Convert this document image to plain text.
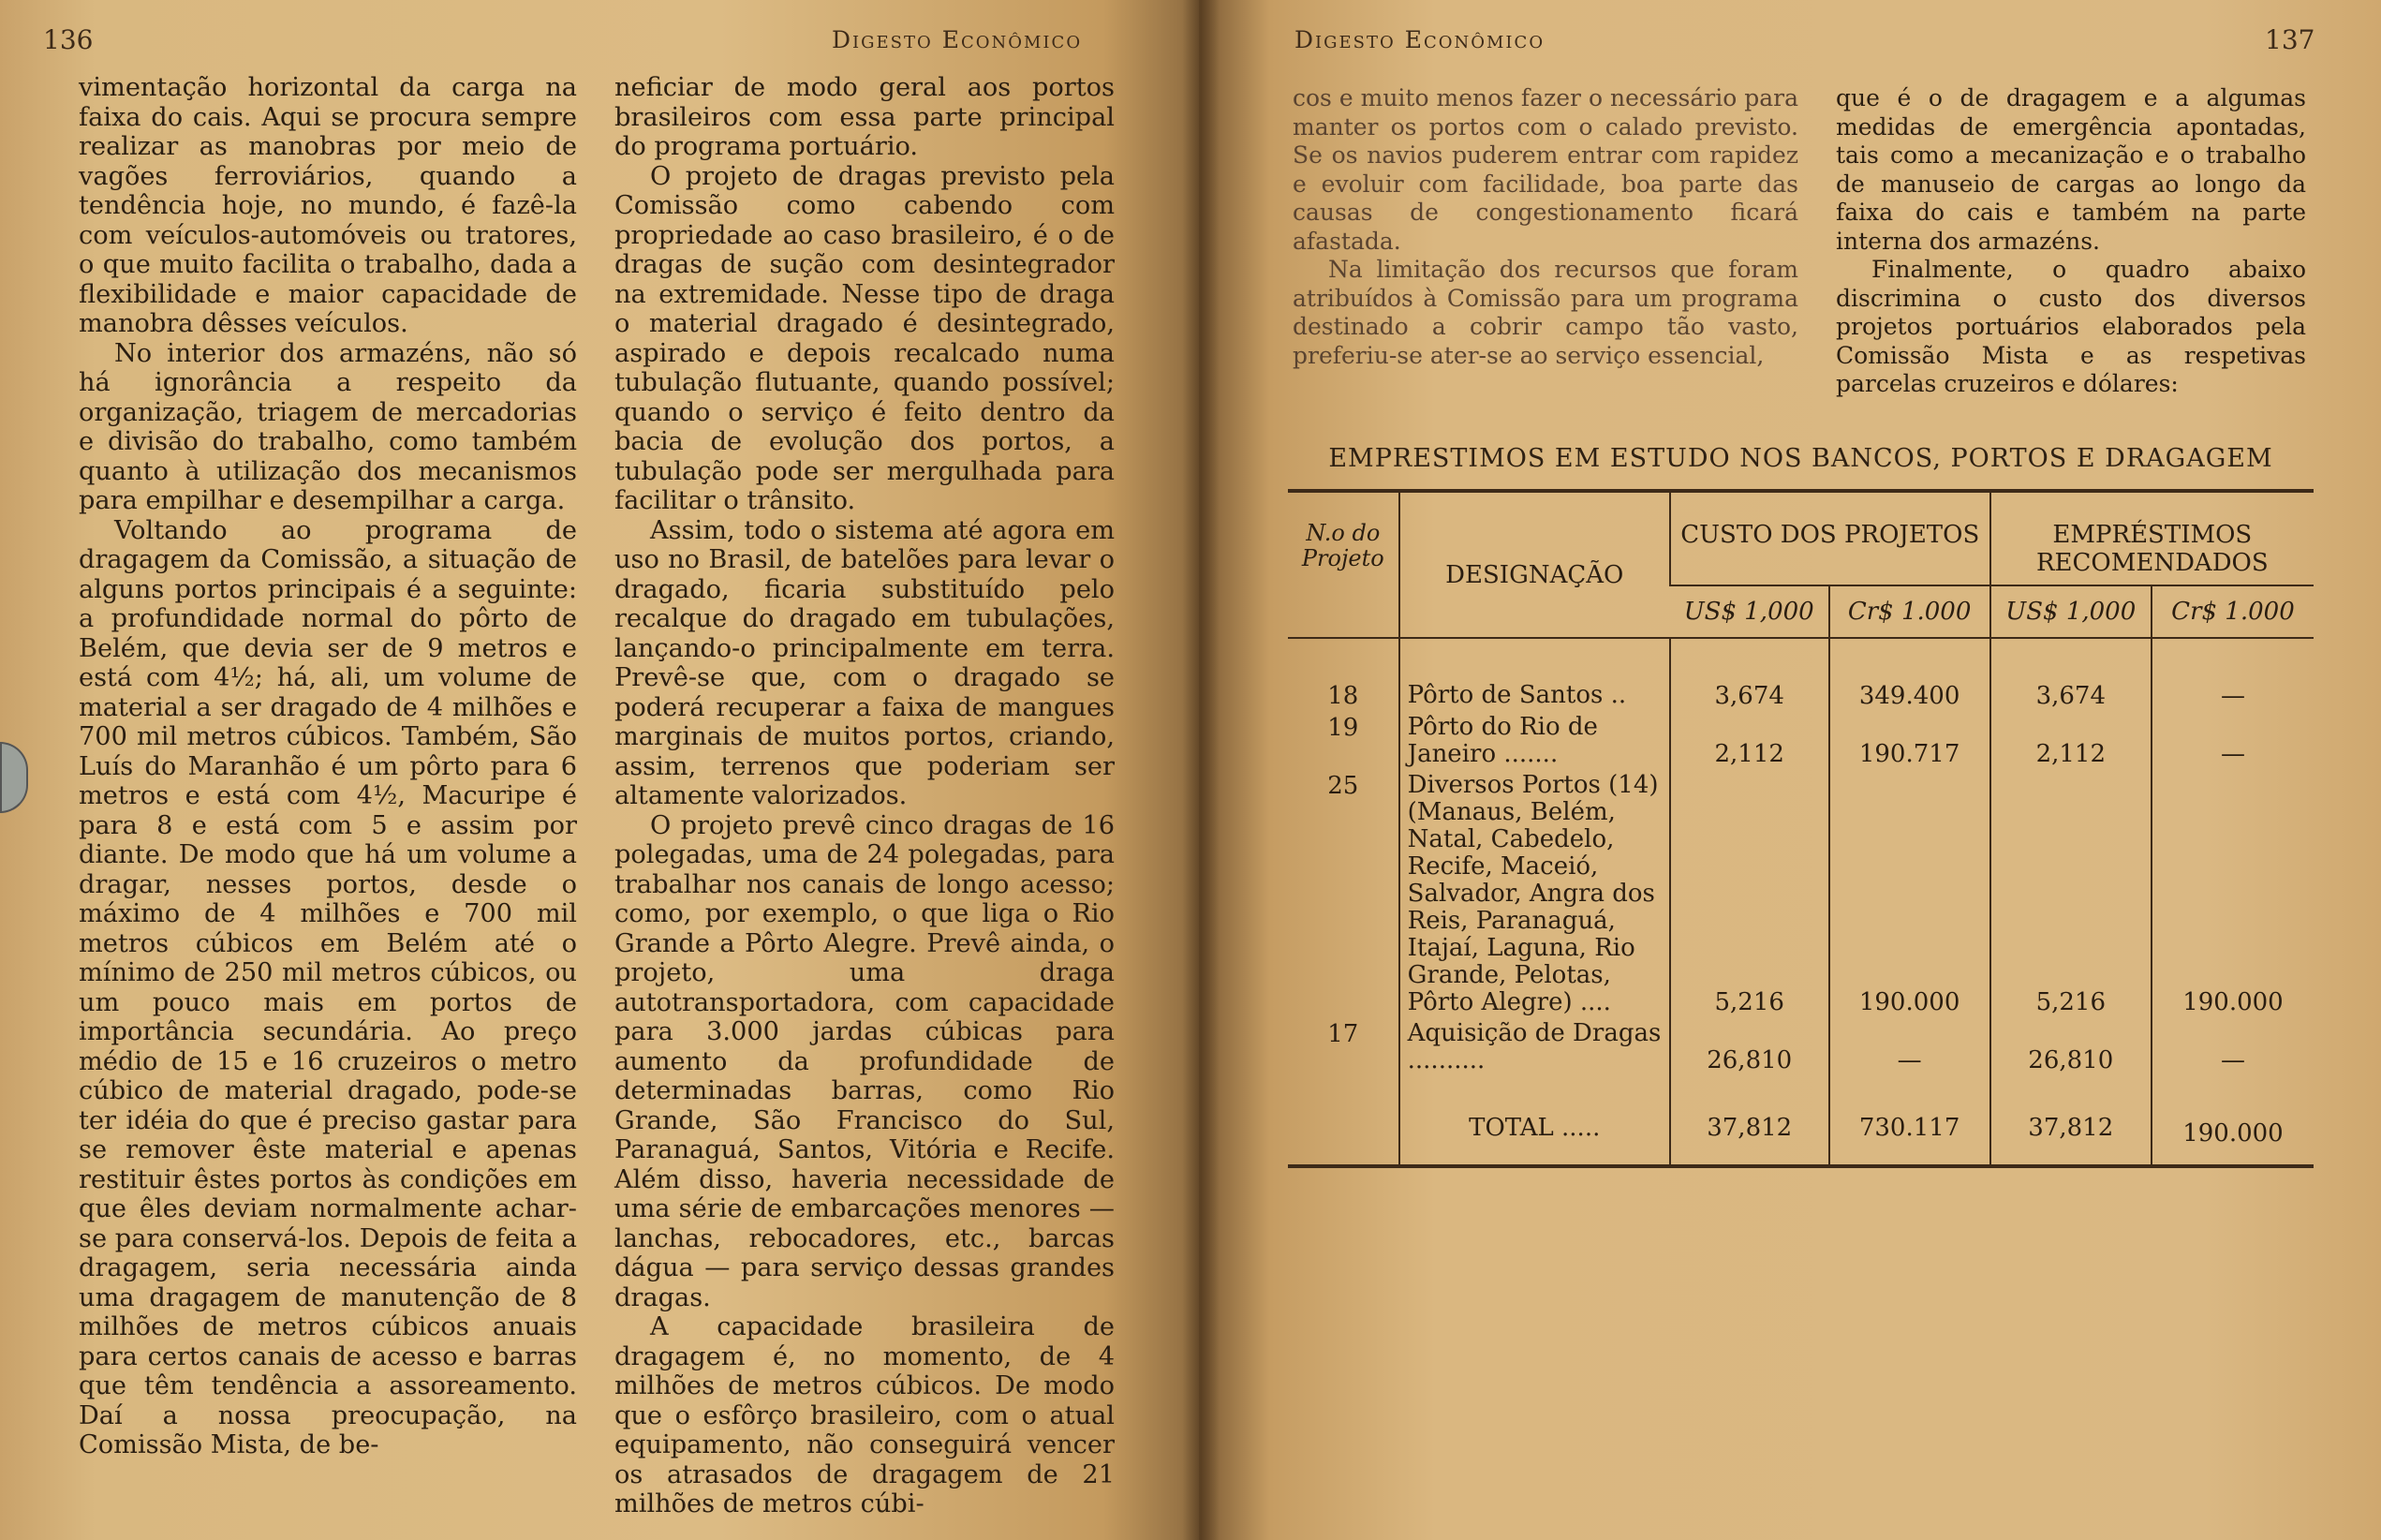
136	Digesto Econômico

vimentação horizontal da carga na faixa do cais. Aqui se procura sempre realizar as manobras por meio de vagões ferroviários, quando a tendência hoje, no mundo, é fazê-la com veículos-automóveis ou tratores, o que muito facilita o trabalho, dada a flexibilidade e maior capacidade de manobra dêsses veículos.

No interior dos armazéns, não só há ignorância a respeito da organização, triagem de mercadorias e divisão do trabalho, como também quanto à utilização dos mecanismos para empilhar e desempilhar a carga.

Voltando ao programa de dragagem da Comissão, a situação de alguns portos principais é a seguinte: a profundidade normal do pôrto de Belém, que devia ser de 9 metros e está com 4½; há, ali, um volume de material a ser dragado de 4 milhões e 700 mil metros cúbicos. Também, São Luís do Maranhão é um pôrto para 6 metros e está com 4½, Macuripe é para 8 e está com 5 e assim por diante. De modo que há um volume a dragar, nesses portos, desde o máximo de 4 milhões e 700 mil metros cúbicos em Belém até o mínimo de 250 mil metros cúbicos, ou um pouco mais em portos de importância secundária. Ao preço médio de 15 e 16 cruzeiros o metro cúbico de material dragado, pode-se ter idéia do que é preciso gastar para se remover êste material e apenas restituir êstes portos às condições em que êles deviam normalmente achar-se para conservá-los. Depois de feita a dragagem, seria necessária ainda uma dragagem de manutenção de 8 milhões de metros cúbicos anuais para certos canais de acesso e barras que têm tendência a assoreamento. Daí a nossa preocupação, na Comissão Mista, de be-

neficiar de modo geral aos portos brasileiros com essa parte principal do programa portuário.

O projeto de dragas previsto pela Comissão como cabendo com propriedade ao caso brasileiro, é o de dragas de sução com desintegrador na extremidade. Nesse tipo de draga o material dragado é desintegrado, aspirado e depois recalcado numa tubulação flutuante, quando possível; quando o serviço é feito dentro da bacia de evolução dos portos, a tubulação pode ser mergulhada para facilitar o trânsito.

Assim, todo o sistema até agora em uso no Brasil, de batelões para levar o dragado, ficaria substituído pelo recalque do dragado em tubulações, lançando-o principalmente em terra. Prevê-se que, com o dragado se poderá recuperar a faixa de mangues marginais de muitos portos, criando, assim, terrenos que poderiam ser altamente valorizados.

O projeto prevê cinco dragas de 16 polegadas, uma de 24 polegadas, para trabalhar nos canais de longo acesso; como, por exemplo, o que liga o Rio Grande a Pôrto Alegre. Prevê ainda, o projeto, uma draga autotransportadora, com capacidade para 3.000 jardas cúbicas para aumento da profundidade de determinadas barras, como Rio Grande, São Francisco do Sul, Paranaguá, Santos, Vitória e Recife. Além disso, haveria necessidade de uma série de embarcações menores — lanchas, rebocadores, etc., barcas dágua — para serviço dessas grandes dragas.

A capacidade brasileira de dragagem é, no momento, de 4 milhões de metros cúbicos. De modo que o esfôrço brasileiro, com o atual equipamento, não conseguirá vencer os atrasados de dragagem de 21 milhões de metros cúbi-

Digesto Econômico	137

cos e muito menos fazer o necessário para manter os portos com o calado previsto. Se os navios puderem entrar com rapidez e evoluir com facilidade, boa parte das causas de congestionamento ficará afastada.

Na limitação dos recursos que foram atribuídos à Comissão para um programa destinado a cobrir campo tão vasto, preferiu-se ater-se ao serviço essencial,

que é o de dragagem e a algumas medidas de emergência apontadas, tais como a mecanização e o trabalho de manuseio de cargas ao longo da faixa do cais e também na parte interna dos armazéns.

Finalmente, o quadro abaixo discrimina o custo dos diversos projetos portuários elaborados pela Comissão Mista e as respetivas parcelas cruzeiros e dólares:

EMPRESTIMOS EM ESTUDO NOS BANCOS, PORTOS E DRAGAGEM
N.o do Projeto	DESIGNAÇÃO	CUSTO DOS PROJETOS		EMPRÉSTIMOS RECOMENDADOS	
		US$ 1,000	Cr$ 1.000	US$ 1,000	Cr$ 1.000
18	Pôrto de Santos ..	3,674	349.400	3,674	—
19	Pôrto do Rio de Janeiro .......	2,112	190.717	2,112	—
25	Diversos Portos (14) (Manaus, Belém, Natal, Cabedelo, Recife, Maceió, Salvador, Angra dos Reis, Paranaguá, Itajaí, Laguna, Rio Grande, Pelotas, Pôrto Alegre) ....	5,216	190.000	5,216	190.000
17	Aquisição de Dragas ..........	26,810	—	26,810	—
	TOTAL .....	37,812	730.117	37,812	190.000
